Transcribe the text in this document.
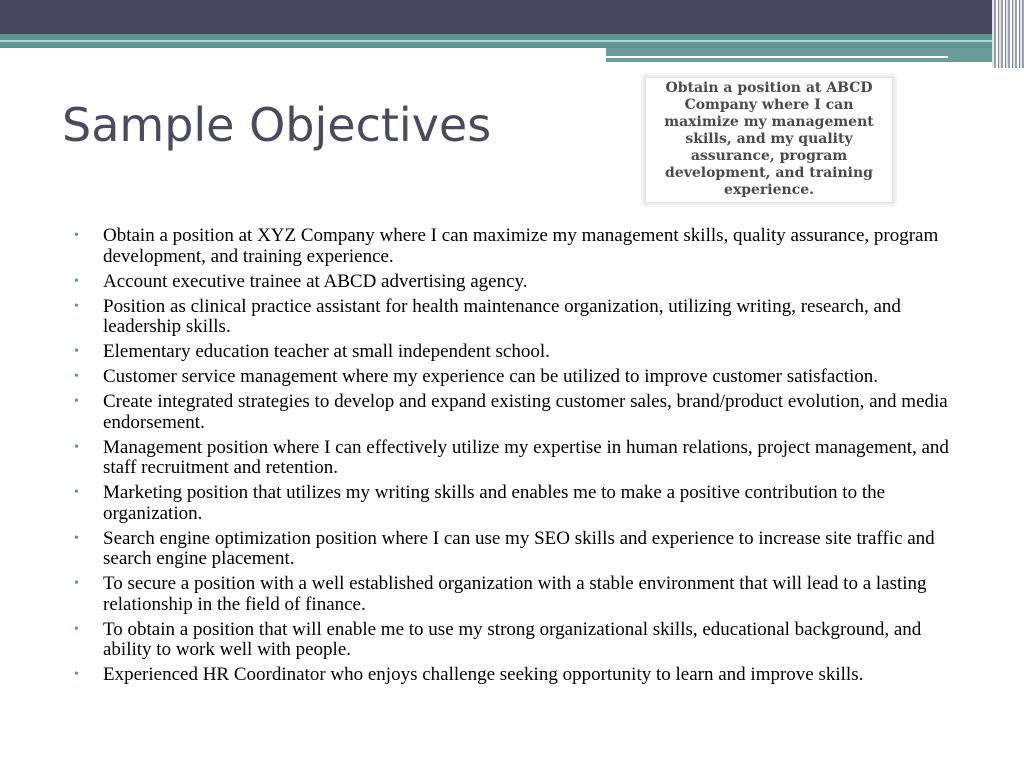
Sample Objectives
Obtain a position at ABCD Company where I can maximize my management skills, and my quality assurance, program development, and training experience.
• Obtain a position at XYZ Company where I can maximize my management skills, quality assurance, program development, and training experience.
• Account executive trainee at ABCD advertising agency.
• Position as clinical practice assistant for health maintenance organization, utilizing writing, research, and leadership skills.
• Elementary education teacher at small independent school.
• Customer service management where my experience can be utilized to improve customer satisfaction.
• Create integrated strategies to develop and expand existing customer sales, brand/product evolution, and media endorsement.
• Management position where I can effectively utilize my expertise in human relations, project management, and staff recruitment and retention.
• Marketing position that utilizes my writing skills and enables me to make a positive contribution to the organization.
• Search engine optimization position where I can use my SEO skills and experience to increase site traffic and search engine placement.
• To secure a position with a well established organization with a stable environment that will lead to a lasting relationship in the field of finance.
• To obtain a position that will enable me to use my strong organizational skills, educational background, and ability to work well with people.
• Experienced HR Coordinator who enjoys challenge seeking opportunity to learn and improve skills.
